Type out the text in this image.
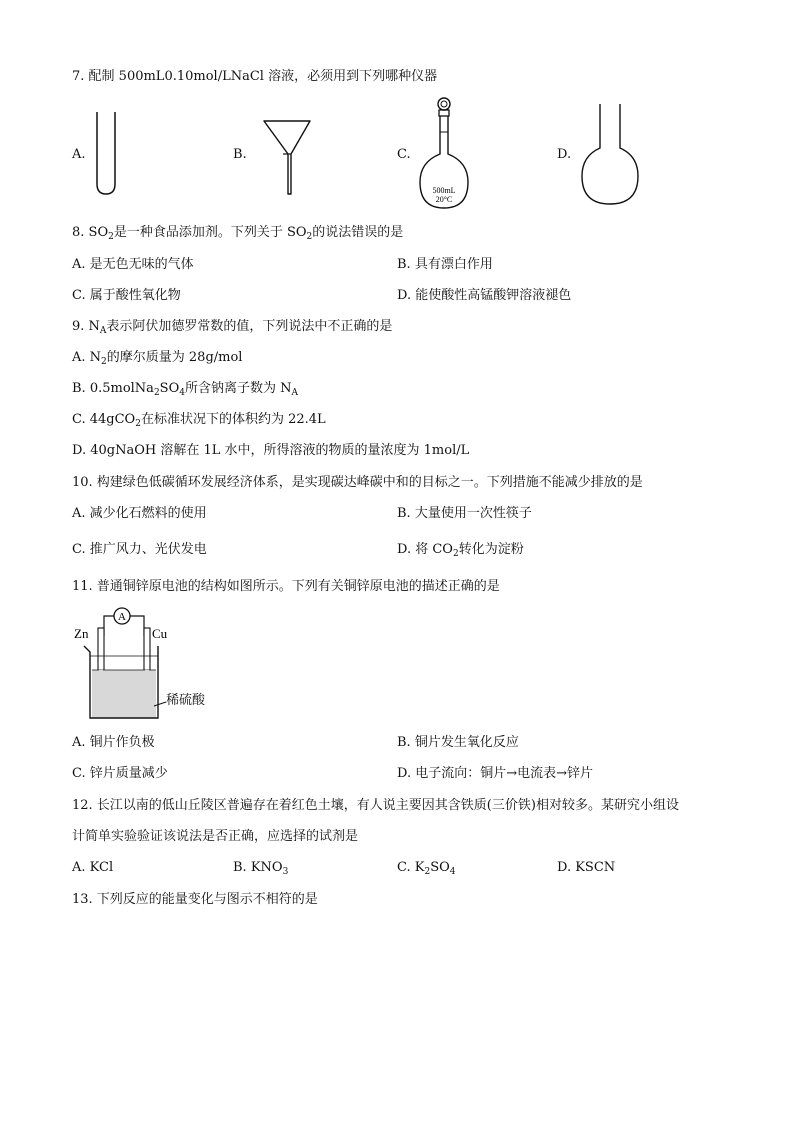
7. 配制 500mL0.10mol/LNaCl 溶液，必须用到下列哪种仪器
A.	B.	C.
500mL
20°C
D.
8. $SO_2$是一种食品添加剂。下列关于 $SO_2$的说法错误的是
A. 是无色无味的气体	B. 具有漂白作用
C. 属于酸性氧化物	D. 能使酸性高锰酸钾溶液褪色
9. $N_A$表示阿伏加德罗常数的值，下列说法中不正确的是
A. $N_2$的摩尔质量为 28g/mol
B. $0.5molNa_2SO_4$所含钠离子数为 $N_A$
C. 44gCO$_2$在标准状况下的体积约为 22.4L
D. 40gNaOH 溶解在 1L 水中，所得溶液的物质的量浓度为 1mol/L
10. 构建绿色低碳循环发展经济体系，是实现碳达峰碳中和的目标之一。下列措施不能减少排放的是
A. 减少化石燃料的使用	B. 大量使用一次性筷子
C. 推广风力、光伏发电	D. 将 $CO_2$转化为淀粉
11. 普通铜锌原电池的结构如图所示。下列有关铜锌原电池的描述正确的是
Zn	Cu
A
稀硫酸
A. 铜片作负极	B. 铜片发生氧化反应
C. 锌片质量减少	D. 电子流向：铜片→电流表→锌片
12. 长江以南的低山丘陵区普遍存在着红色土壤，有人说主要因其含铁质(三价铁)相对较多。某研究小组设
计简单实验验证该说法是否正确，应选择的试剂是
A. KCl	B. $KNO_3$	C. $K_2SO_4$	D. KSCN
13. 下列反应的能量变化与图示不相符的是
